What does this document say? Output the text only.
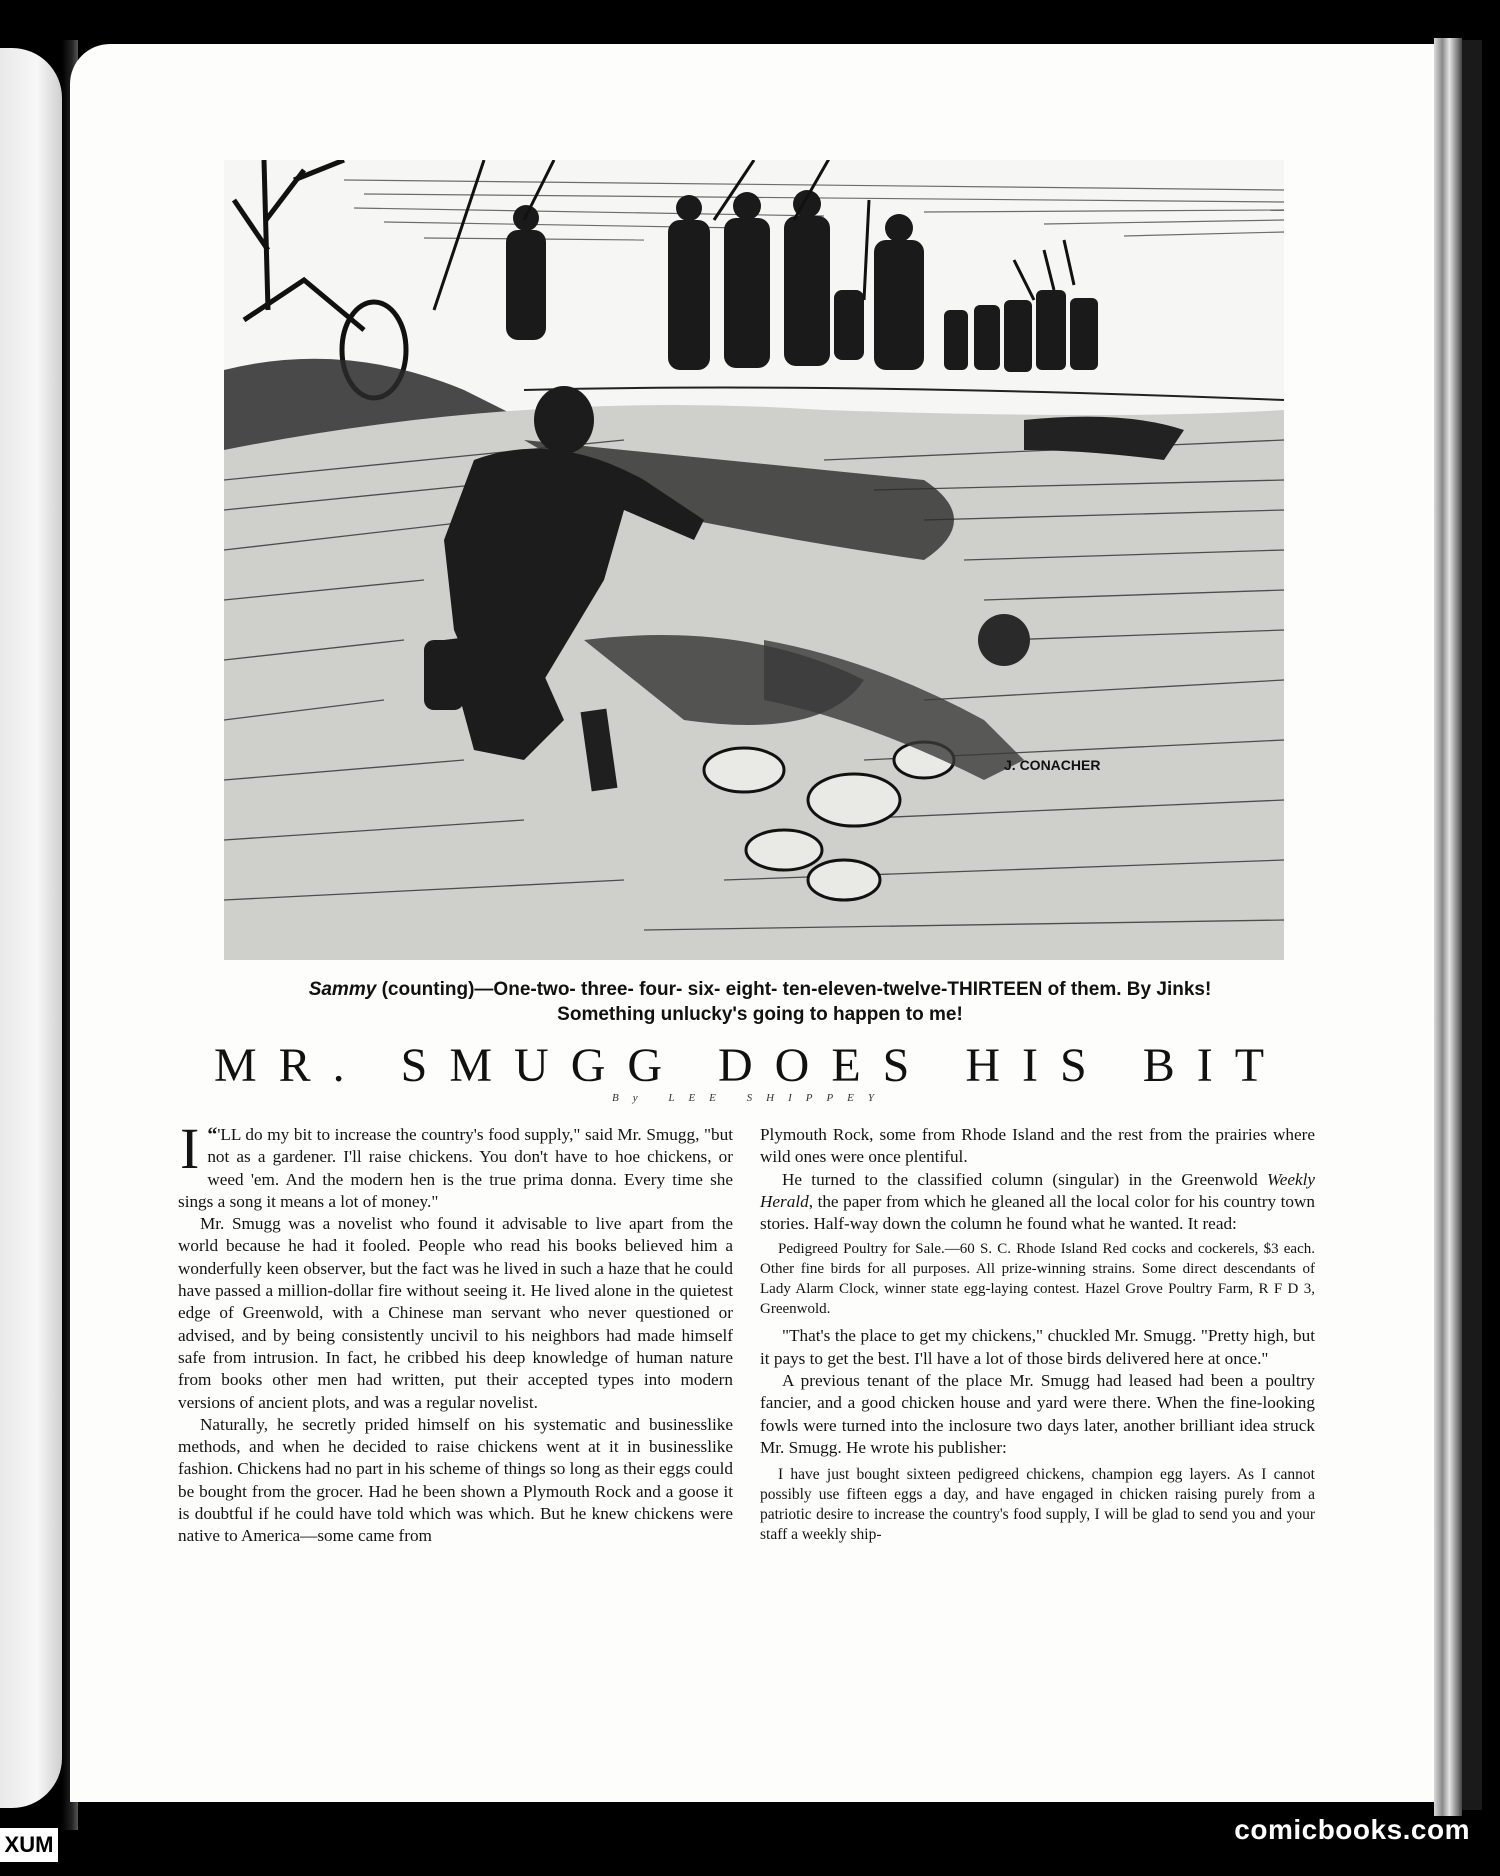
J. CONACHER
Sammy (counting)—One-two- three- four- six- eight- ten-eleven-twelve-THIRTEEN of them. By Jinks!
Something unlucky's going to happen to me!
MR. SMUGG DOES HIS BIT
By LEE SHIPPEY

“
I 'LL do my bit to increase the country's food supply," said Mr. Smugg, "but not as a gardener. I'll raise chickens. You don't have to hoe chickens, or weed 'em. And the modern hen is the true prima donna. Every time she sings a song it means a lot of money."

Mr. Smugg was a novelist who found it advisable to live apart from the world because he had it fooled. People who read his books believed him a wonderfully keen observer, but the fact was he lived in such a haze that he could have passed a million-dollar fire without seeing it. He lived alone in the quietest edge of Greenwold, with a Chinese man servant who never questioned or advised, and by being consistently uncivil to his neighbors had made himself safe from intrusion. In fact, he cribbed his deep knowledge of human nature from books other men had written, put their accepted types into modern versions of ancient plots, and was a regular novelist.

Naturally, he secretly prided himself on his systematic and businesslike methods, and when he decided to raise chickens went at it in businesslike fashion. Chickens had no part in his scheme of things so long as their eggs could be bought from the grocer. Had he been shown a Plymouth Rock and a goose it is doubtful if he could have told which was which. But he knew chickens were native to America—some came from

Plymouth Rock, some from Rhode Island and the rest from the prairies where wild ones were once plentiful.

He turned to the classified column (singular) in the Greenwold Weekly Herald, the paper from which he gleaned all the local color for his country town stories. Half-way down the column he found what he wanted. It read:

Pedigreed Poultry for Sale.—60 S. C. Rhode Island Red cocks and cockerels, $3 each. Other fine birds for all purposes. All prize-winning strains. Some direct descendants of Lady Alarm Clock, winner state egg-laying contest. Hazel Grove Poultry Farm, R F D 3, Greenwold.

"That's the place to get my chickens," chuckled Mr. Smugg. "Pretty high, but it pays to get the best. I'll have a lot of those birds delivered here at once."

A previous tenant of the place Mr. Smugg had leased had been a poultry fancier, and a good chicken house and yard were there. When the fine-looking fowls were turned into the inclosure two days later, another brilliant idea struck Mr. Smugg. He wrote his publisher:

I have just bought sixteen pedigreed chickens, champion egg layers. As I cannot possibly use fifteen eggs a day, and have engaged in chicken raising purely from a patriotic desire to increase the country's food supply, I will be glad to send you and your staff a weekly ship-

comicbooks.com
XUM
